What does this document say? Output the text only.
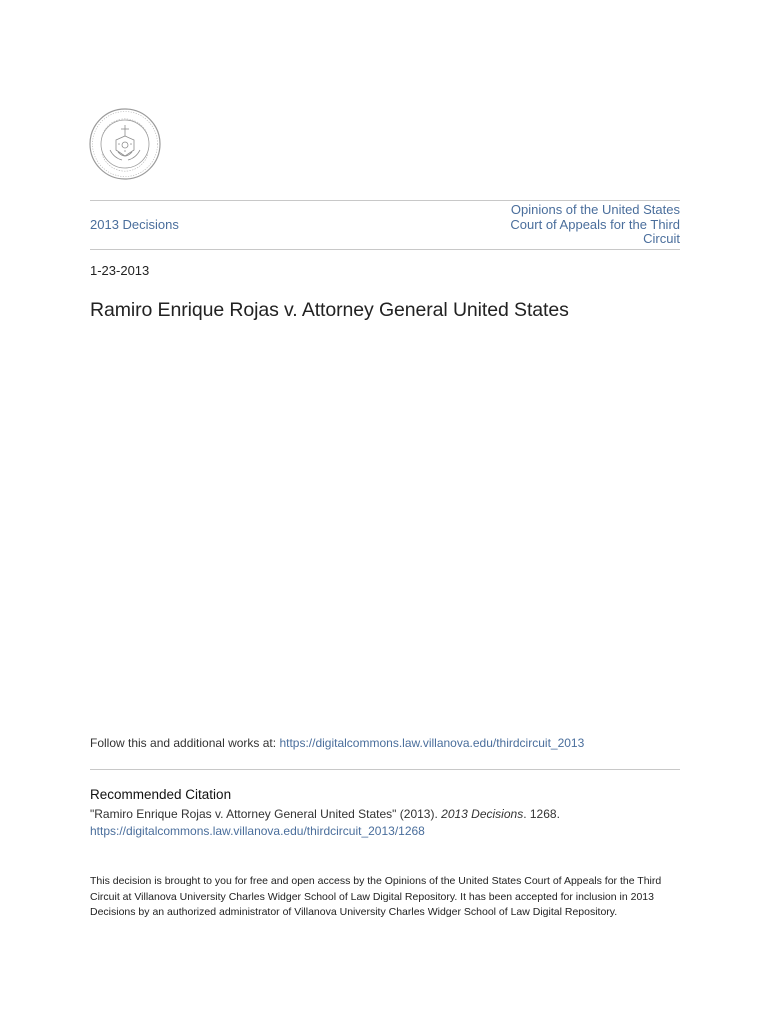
2013 Decisions
Opinions of the United States Court of Appeals for the Third Circuit
1-23-2013
Ramiro Enrique Rojas v. Attorney General United States
Follow this and additional works at: https://digitalcommons.law.villanova.edu/thirdcircuit_2013
Recommended Citation
"Ramiro Enrique Rojas v. Attorney General United States" (2013). 2013 Decisions. 1268.
https://digitalcommons.law.villanova.edu/thirdcircuit_2013/1268
This decision is brought to you for free and open access by the Opinions of the United States Court of Appeals for the Third Circuit at Villanova University Charles Widger School of Law Digital Repository. It has been accepted for inclusion in 2013 Decisions by an authorized administrator of Villanova University Charles Widger School of Law Digital Repository.
